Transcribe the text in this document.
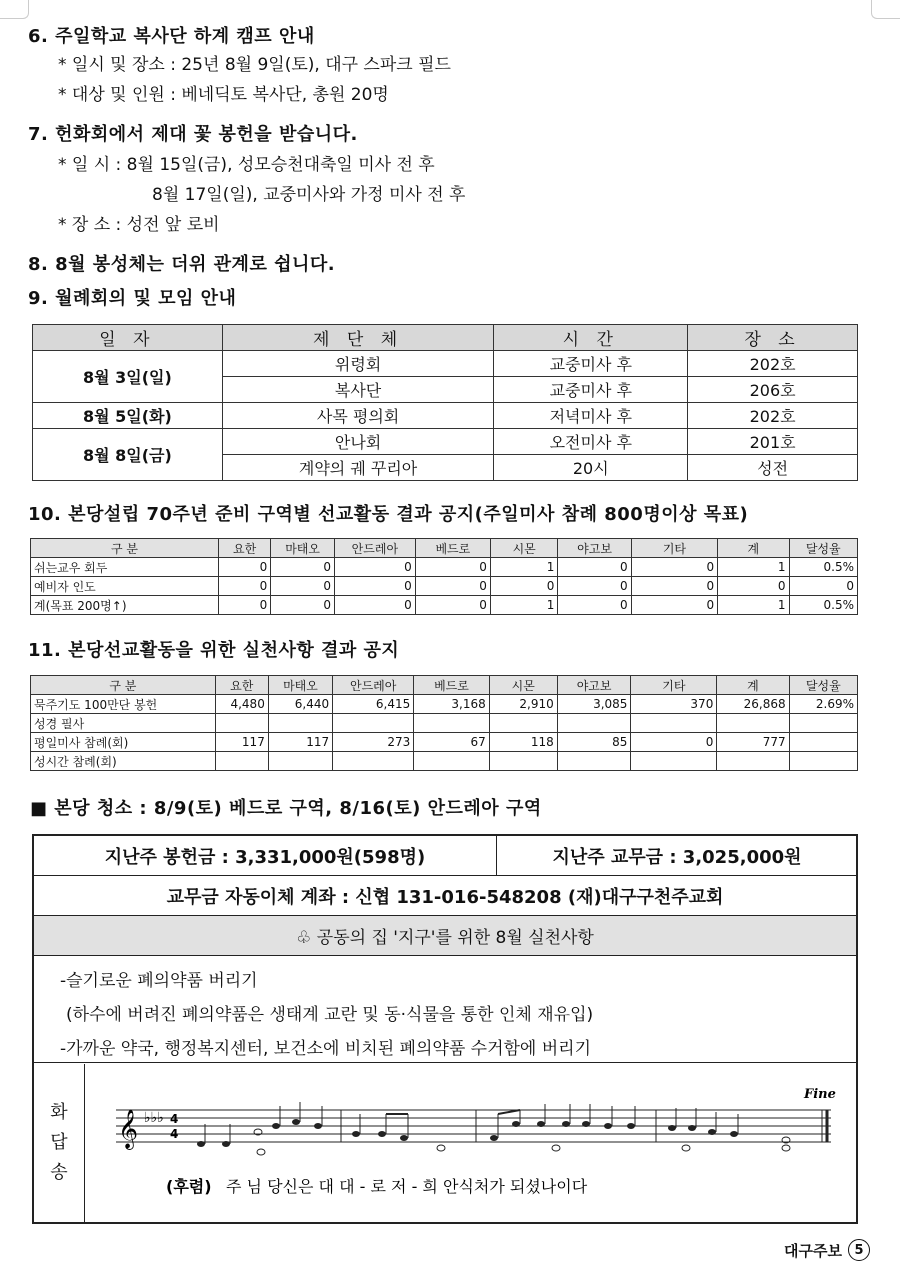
6. 주일학교 복사단 하계 캠프 안내
* 일시 및 장소 : 25년 8월 9일(토), 대구 스파크 필드
* 대상 및 인원 : 베네딕토 복사단, 총원 20명
7. 헌화회에서 제대 꽃 봉헌을 받습니다.
* 일 시 : 8월 15일(금), 성모승천대축일 미사 전 후
8월 17일(일), 교중미사와 가정 미사 전 후
* 장 소 : 성전 앞 로비
8. 8월 봉성체는 더위 관계로 쉽니다.
9. 월례회의 및 모임 안내
일 자	제 단 체	시 간	장 소
8월 3일(일)	위령회	교중미사 후	202호
	복사단	교중미사 후	206호
8월 5일(화)	사목 평의회	저녁미사 후	202호
8월 8일(금)	안나회	오전미사 후	201호
	계약의 궤 꾸리아	20시	성전
10. 본당설립 70주년 준비 구역별 선교활동 결과 공지(주일미사 참례 800명이상 목표)
구 분	요한	마태오	안드레아	베드로	시몬	야고보	기타	계	달성율
쉬는교우 회두	0	0	0	0	1	0	0	1	0.5%
예비자 인도	0	0	0	0	0	0	0	0	0
계(목표 200명↑)	0	0	0	0	1	0	0	1	0.5%
11. 본당선교활동을 위한 실천사항 결과 공지
구 분	요한	마태오	안드레아	베드로	시몬	야고보	기타	계	달성율
묵주기도 100만단 봉헌	4,480	6,440	6,415	3,168	2,910	3,085	370	26,868	2.69%
성경 필사									
평일미사 참례(회)	117	117	273	67	118	85	0	777	
성시간 참례(회)									
■ 본당 청소 : 8/9(토) 베드로 구역, 8/16(토) 안드레아 구역
지난주 봉헌금 : 3,331,000원(598명)	지난주 교무금 : 3,025,000원
교무금 자동이체 계좌 : 신협 131-016-548208 (재)대구구천주교회
♧ 공동의 집 '지구'를 위한 8월 실천사항
-슬기로운 폐의약품 버리기
(하수에 버려진 폐의약품은 생태계 교란 및 동·식물을 통한 인체 재유입)
-가까운 약국, 행정복지센터, 보건소에 비치된 폐의약품 수거함에 버리기
화
답
송
𝄞 ♭♭♭ 4
4
Fine
(후렴) 주 님 당신은 대 대 - 로 저 - 희 안식처가 되셨나이다
대구주보 5
